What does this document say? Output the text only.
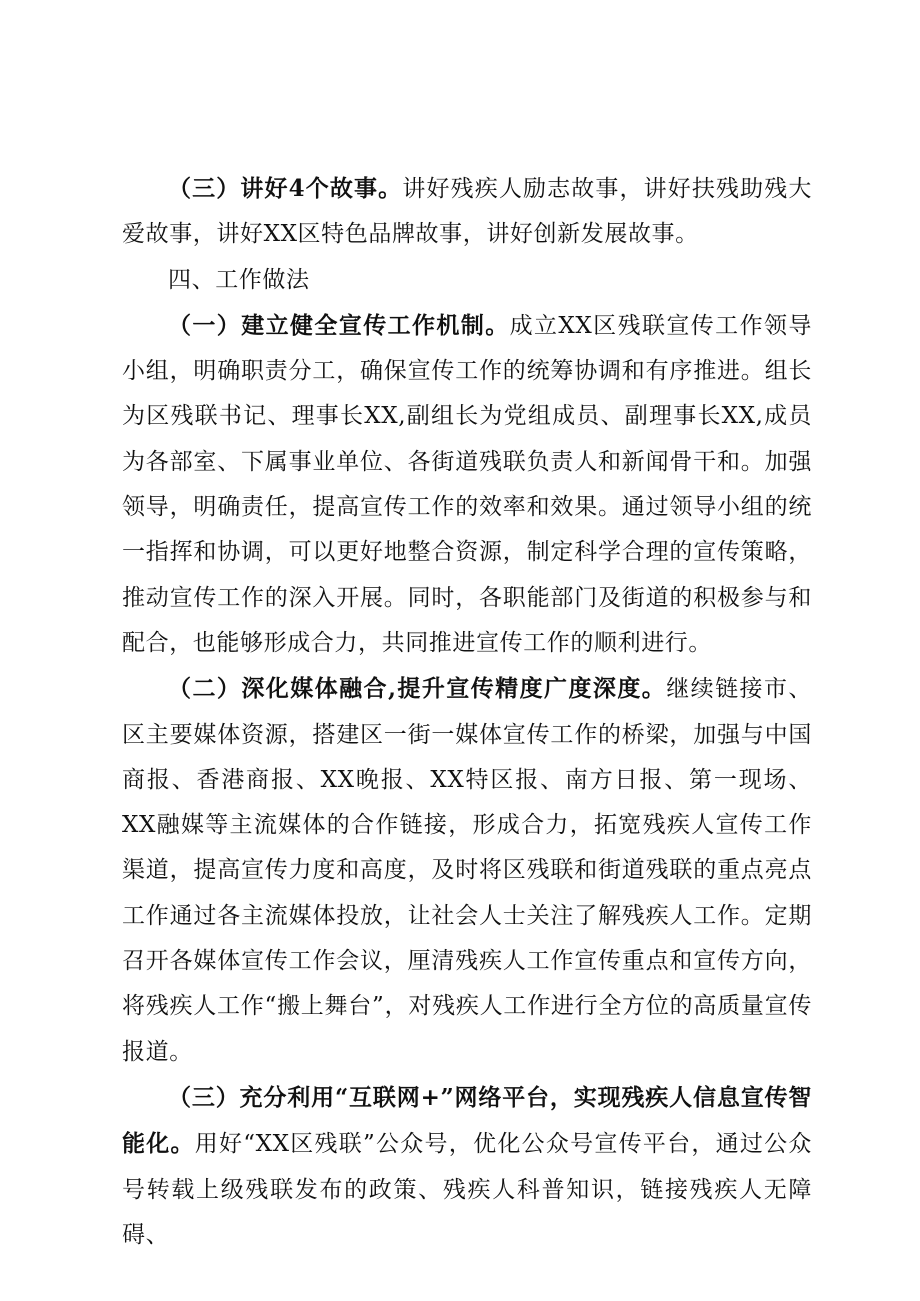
（三）讲好4个故事。讲好残疾人励志故事，讲好扶残助残大爱故事，讲好XX区特色品牌故事，讲好创新发展故事。

四、工作做法

（一）建立健全宣传工作机制。成立XX区残联宣传工作领导小组，明确职责分工，确保宣传工作的统筹协调和有序推进。组长为区残联书记、理事长XX,副组长为党组成员、副理事长XX,成员为各部室、下属事业单位、各街道残联负责人和新闻骨干和。加强领导，明确责任，提高宣传工作的效率和效果。通过领导小组的统一指挥和协调，可以更好地整合资源，制定科学合理的宣传策略，推动宣传工作的深入开展。同时，各职能部门及街道的积极参与和配合，也能够形成合力，共同推进宣传工作的顺利进行。

（二）深化媒体融合,提升宣传精度广度深度。继续链接市、区主要媒体资源，搭建区一街一媒体宣传工作的桥梁，加强与中国商报、香港商报、XX晚报、XX特区报、南方日报、第一现场、XX融媒等主流媒体的合作链接，形成合力，拓宽残疾人宣传工作渠道，提高宣传力度和高度，及时将区残联和街道残联的重点亮点工作通过各主流媒体投放，让社会人士关注了解残疾人工作。定期召开各媒体宣传工作会议，厘清残疾人工作宣传重点和宣传方向，将残疾人工作“搬上舞台”，对残疾人工作进行全方位的高质量宣传报道。

（三）充分利用“互联网+”网络平台，实现残疾人信息宣传智能化。用好“XX区残联”公众号，优化公众号宣传平台，通过公众号转载上级残联发布的政策、残疾人科普知识，链接残疾人无障碍、
